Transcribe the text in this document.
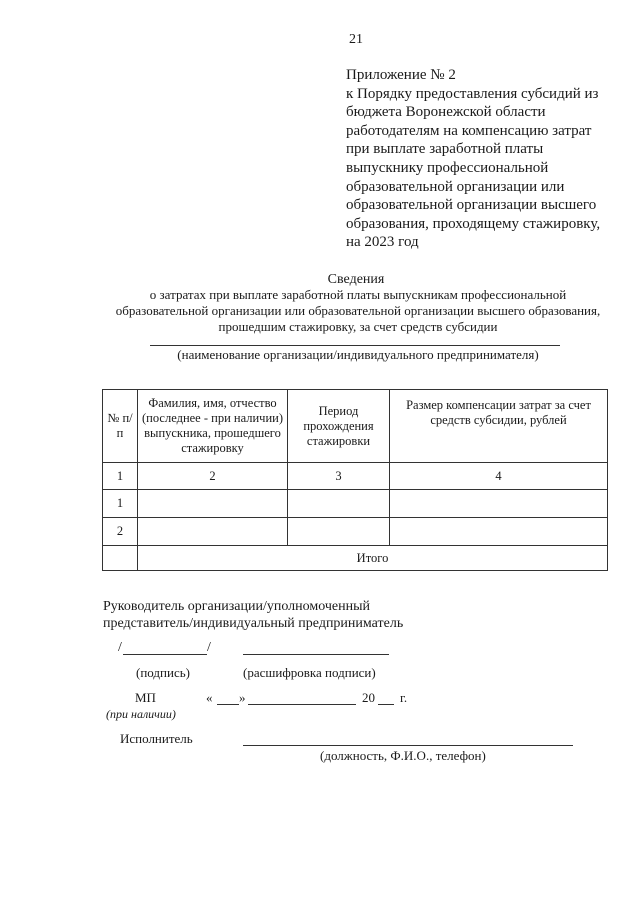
21
Приложение № 2
к Порядку предоставления субсидий из
бюджета Воронежской области
работодателям на компенсацию затрат
при выплате заработной платы
выпускнику профессиональной
образовательной организации или
образовательной организации высшего
образования, проходящему стажировку,
на 2023 год
Сведения
о затратах при выплате заработной платы выпускникам профессиональной
образовательной организации или образовательной организации высшего образования,
прошедшим стажировку, за счет средств субсидии
(наименование организации/индивидуального предпринимателя)
№ п/п	Фамилия, имя, отчество (последнее - при наличии) выпускника, прошедшего стажировку	Период прохождения стажировки	Размер компенсации затрат за счет средств субсидии, рублей
1	2	3	4
1			
2			
	Итого		
Руководитель организации/уполномоченный
представитель/индивидуальный предприниматель
/	/
(подпись)	(расшифровка подписи)
МП
(при наличии)
« »	20 г.
Исполнитель
(должность, Ф.И.О., телефон)
